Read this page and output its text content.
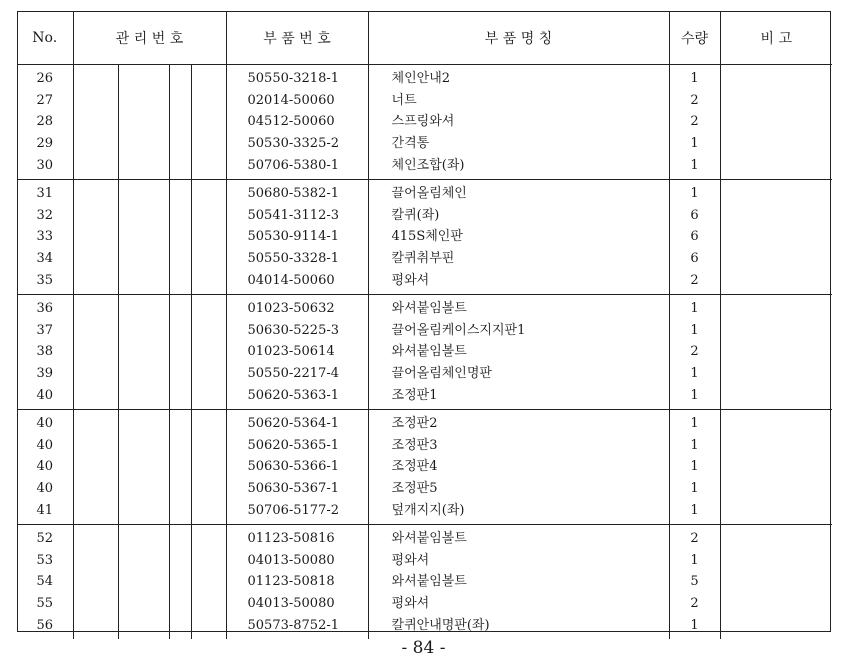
No.	관 리 번 호				부 품 번 호	부 품 명 칭	수량	비 고
26					50550-3218-1	체인안내2	1	
27					02014-50060	너트	2	
28					04512-50060	스프링와셔	2	
29					50530-3325-2	간격통	1	
30					50706-5380-1	체인조합(좌)	1	
31					50680-5382-1	끌어올림체인	1	
32					50541-3112-3	칼퀴(좌)	6	
33					50530-9114-1	415S체인판	6	
34					50550-3328-1	칼퀴취부핀	6	
35					04014-50060	평와셔	2	
36					01023-50632	와셔붙임볼트	1	
37					50630-5225-3	끌어올림케이스지지판1	1	
38					01023-50614	와셔붙임볼트	2	
39					50550-2217-4	끌어올림체인명판	1	
40					50620-5363-1	조정판1	1	
40					50620-5364-1	조정판2	1	
40					50620-5365-1	조정판3	1	
40					50630-5366-1	조정판4	1	
40					50630-5367-1	조정판5	1	
41					50706-5177-2	덮개지지(좌)	1	
52					01123-50816	와셔붙임볼트	2	
53					04013-50080	평와셔	1	
54					01123-50818	와셔붙임볼트	5	
55					04013-50080	평와셔	2	
56					50573-8752-1	칼퀴안내명판(좌)	1	
- 84 -
